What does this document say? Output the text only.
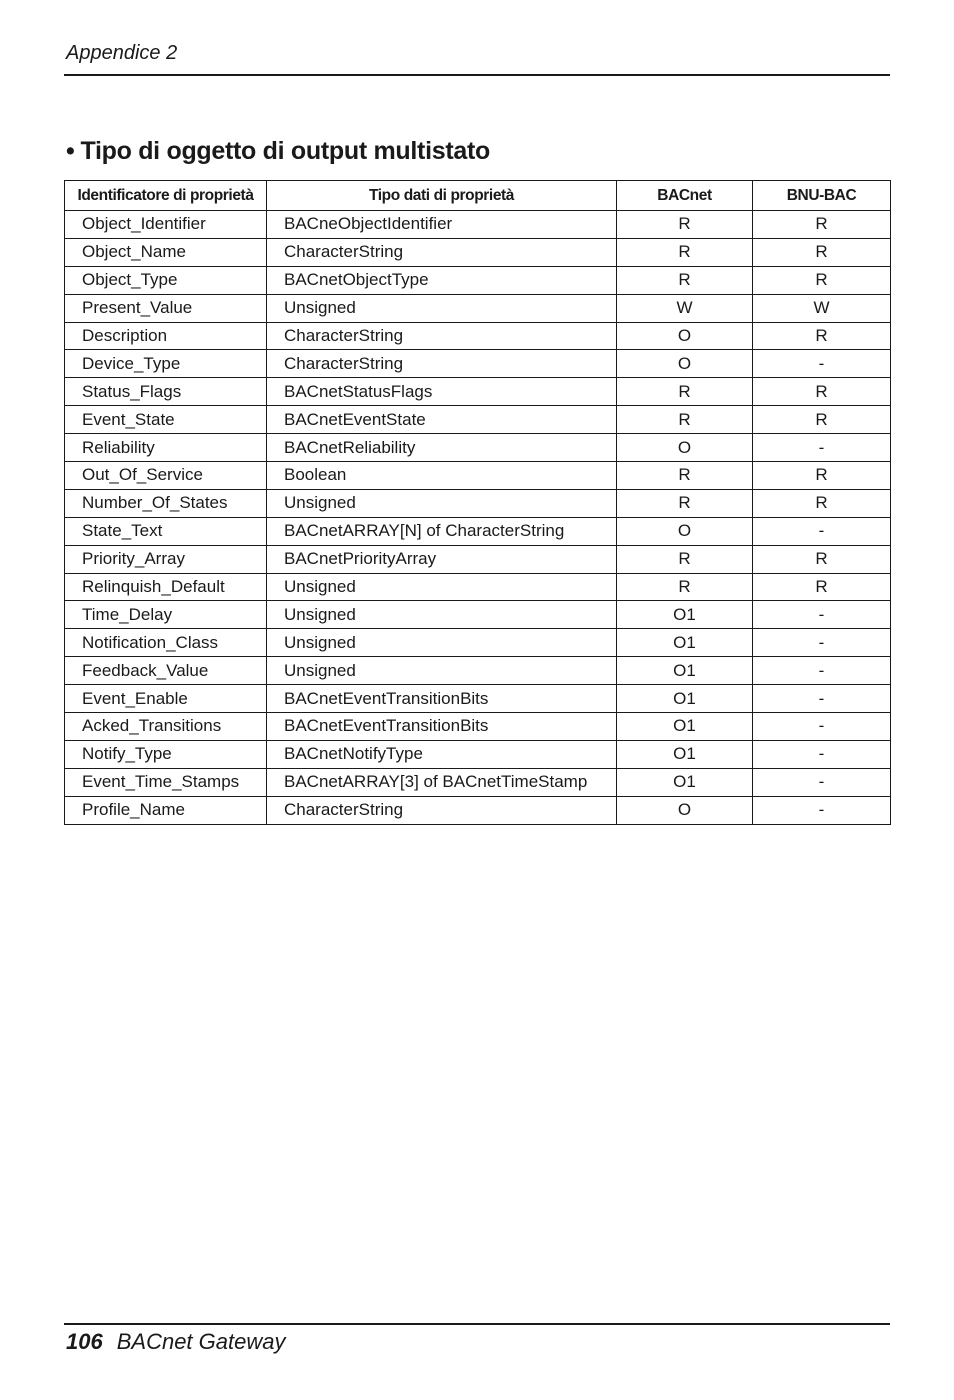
Appendice 2
• Tipo di oggetto di output multistato
Identificatore di proprietà	Tipo dati di proprietà	BACnet	BNU-BAC
Object_Identifier	BACneObjectIdentifier	R	R
Object_Name	CharacterString	R	R
Object_Type	BACnetObjectType	R	R
Present_Value	Unsigned	W	W
Description	CharacterString	O	R
Device_Type	CharacterString	O	-
Status_Flags	BACnetStatusFlags	R	R
Event_State	BACnetEventState	R	R
Reliability	BACnetReliability	O	-
Out_Of_Service	Boolean	R	R
Number_Of_States	Unsigned	R	R
State_Text	BACnetARRAY[N] of CharacterString	O	-
Priority_Array	BACnetPriorityArray	R	R
Relinquish_Default	Unsigned	R	R
Time_Delay	Unsigned	O1	-
Notification_Class	Unsigned	O1	-
Feedback_Value	Unsigned	O1	-
Event_Enable	BACnetEventTransitionBits	O1	-
Acked_Transitions	BACnetEventTransitionBits	O1	-
Notify_Type	BACnetNotifyType	O1	-
Event_Time_Stamps	BACnetARRAY[3] of BACnetTimeStamp	O1	-
Profile_Name	CharacterString	O	-
106 BACnet Gateway
